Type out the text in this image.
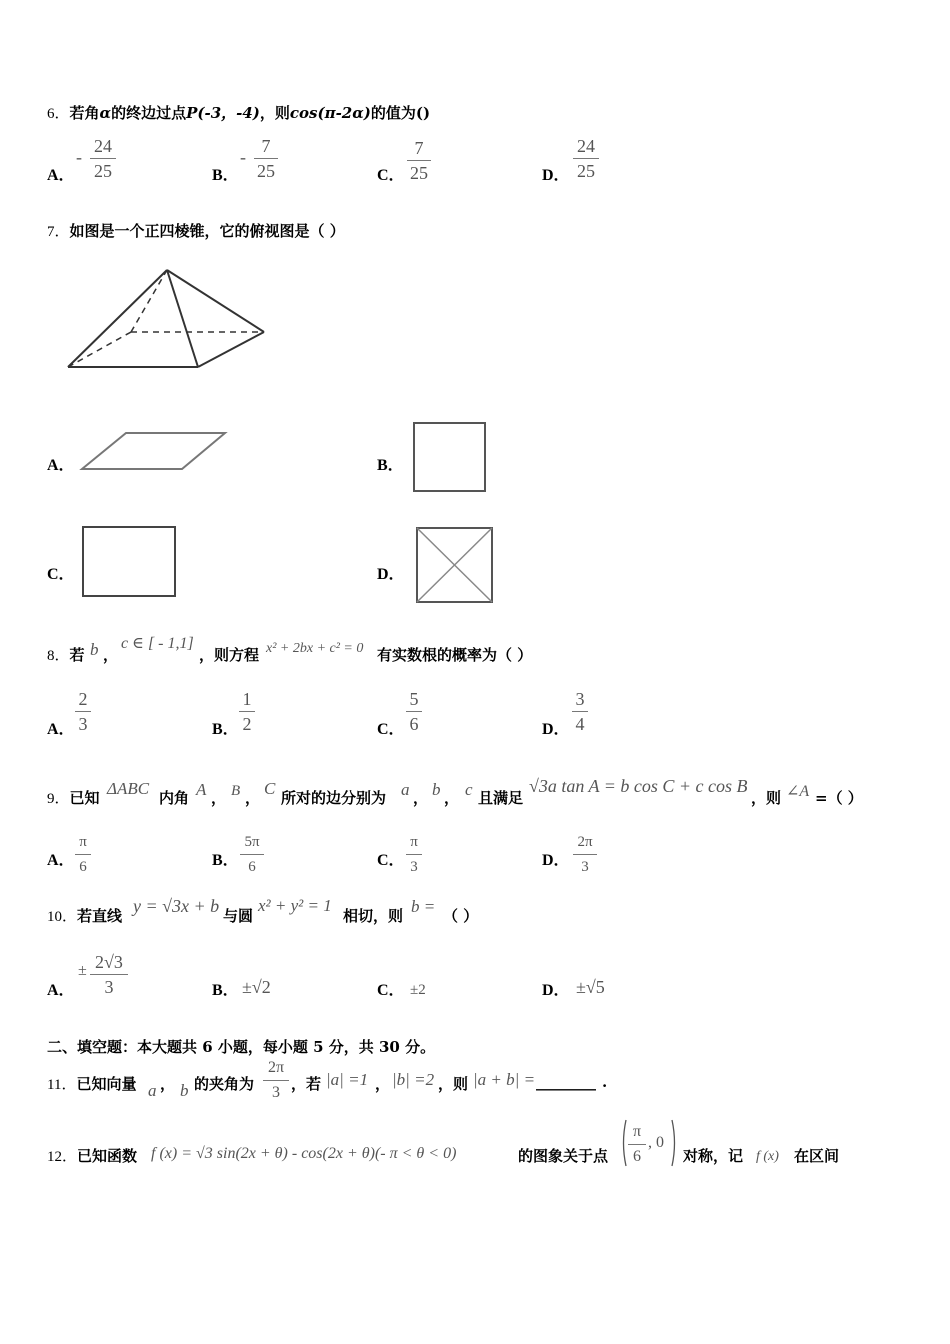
6．若角α的终边过点P(-3，-4)，则cos(π-2α)的值为()
A．
-
24
25	B．
-
7
25	C．
7
25	D．
24
25
7．如图是一个正四棱锥，它的俯视图是（ ）
A．	B．
C．	D．
8．若 b ，
c ∈ [ - 1,1]
，则方程 x² + 2bx + c² = 0 有实数根的概率为（ ）
A．
2
3	B．
1
2	C．
5
6	D．
3
4
9．已知 ΔABC 内角 A ， B ， C 所对的边分别为 a ， b ， c 且满足
√3a tan A = b cos C + c cos B
，则 ∠A =（ ）
A．
π
6	B．
5π
6	C．
π
3	D．
2π
3
10．若直线 y = √3x + b 与圆
x² + y² = 1
相切，则 b = （ ）
A．
± 2√3
3	B． ±√2	C． ±2	D． ±√5
二、填空题：本大题共 6 小题，每小题 5 分，共 30 分。
11．已知向量 a ， b 的夹角为
2π
3 ，若 |a| =1 ， |b| =2 ，则 |a + b| = ________ .
12．已知函数 f (x) = √3 sin(2x + θ) - cos(2x + θ)(- π < θ < 0)	的图象关于点
π
6
, 0
对称，记 f (x) 在区间
